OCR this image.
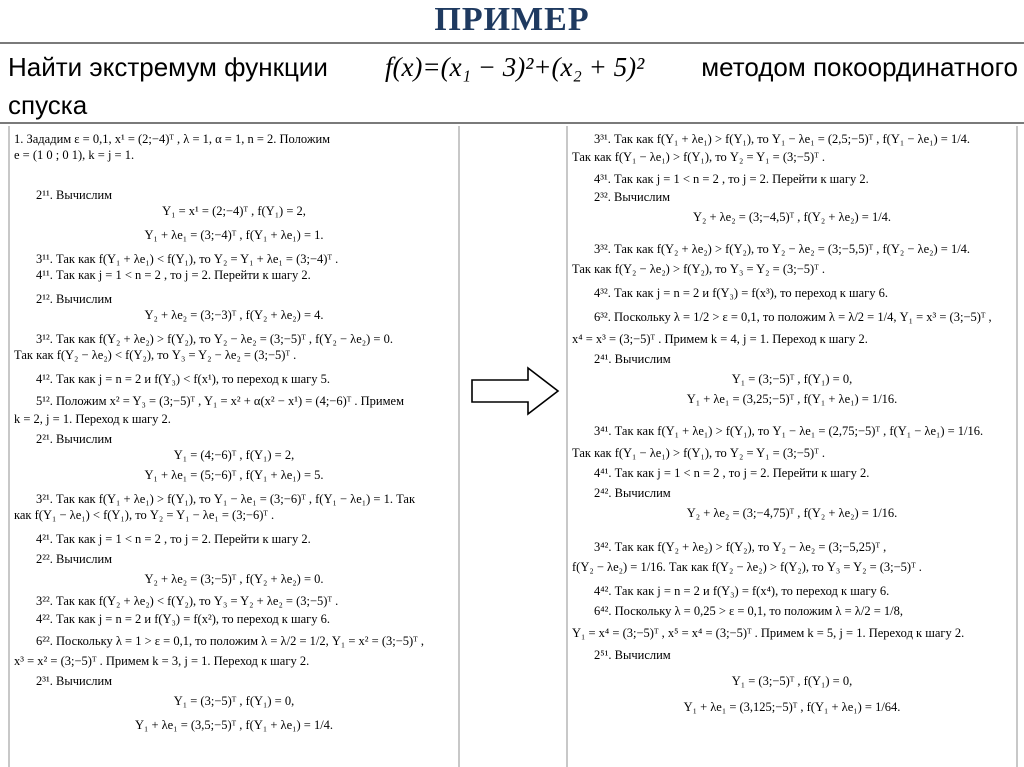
ПРИМЕР
Найти экстремум функции f(x)=(x₁ − 3)²+(x₂ + 5)² методом покоординатного
спуска
1. Зададим ε = 0,1, x¹ = (2;−4)ᵀ , λ = 1, α = 1, n = 2. Положим
e = (1 0 ; 0 1), k = j = 1.
2¹¹. Вычислим
Y₁ = x¹ = (2;−4)ᵀ , f(Y₁) = 2,
Y₁ + λe₁ = (3;−4)ᵀ , f(Y₁ + λe₁) = 1.
3¹¹. Так как f(Y₁ + λe₁) < f(Y₁), то Y₂ = Y₁ + λe₁ = (3;−4)ᵀ .
4¹¹. Так как j = 1 < n = 2 , то j = 2. Перейти к шагу 2.
2¹². Вычислим
Y₂ + λe₂ = (3;−3)ᵀ , f(Y₂ + λe₂) = 4.
3¹². Так как f(Y₂ + λe₂) > f(Y₂), то Y₂ − λe₂ = (3;−5)ᵀ , f(Y₂ − λe₂) = 0.
Так как f(Y₂ − λe₂) < f(Y₂), то Y₃ = Y₂ − λe₂ = (3;−5)ᵀ .
4¹². Так как j = n = 2 и f(Y₃) < f(x¹), то переход к шагу 5.
5¹². Положим x² = Y₃ = (3;−5)ᵀ , Y₁ = x² + α(x² − x¹) = (4;−6)ᵀ . Примем
k = 2, j = 1. Переход к шагу 2.
2²¹. Вычислим
Y₁ = (4;−6)ᵀ , f(Y₁) = 2,
Y₁ + λe₁ = (5;−6)ᵀ , f(Y₁ + λe₁) = 5.
3²¹. Так как f(Y₁ + λe₁) > f(Y₁), то Y₁ − λe₁ = (3;−6)ᵀ , f(Y₁ − λe₁) = 1. Так
как f(Y₁ − λe₁) < f(Y₁), то Y₂ = Y₁ − λe₁ = (3;−6)ᵀ .
4²¹. Так как j = 1 < n = 2 , то j = 2. Перейти к шагу 2.
2²². Вычислим
Y₂ + λe₂ = (3;−5)ᵀ , f(Y₂ + λe₂) = 0.
3²². Так как f(Y₂ + λe₂) < f(Y₂), то Y₃ = Y₂ + λe₂ = (3;−5)ᵀ .
4²². Так как j = n = 2 и f(Y₃) = f(x²), то переход к шагу 6.
6²². Поскольку λ = 1 > ε = 0,1, то положим λ = λ/2 = 1/2, Y₁ = x² = (3;−5)ᵀ ,
x³ = x² = (3;−5)ᵀ . Примем k = 3, j = 1. Переход к шагу 2.
2³¹. Вычислим
Y₁ = (3;−5)ᵀ , f(Y₁) = 0,
Y₁ + λe₁ = (3,5;−5)ᵀ , f(Y₁ + λe₁) = 1/4.
3³¹. Так как f(Y₁ + λe₁) > f(Y₁), то Y₁ − λe₁ = (2,5;−5)ᵀ , f(Y₁ − λe₁) = 1/4.
Так как f(Y₁ − λe₁) > f(Y₁), то Y₂ = Y₁ = (3;−5)ᵀ .
4³¹. Так как j = 1 < n = 2 , то j = 2. Перейти к шагу 2.
2³². Вычислим
Y₂ + λe₂ = (3;−4,5)ᵀ , f(Y₂ + λe₂) = 1/4.
3³². Так как f(Y₂ + λe₂) > f(Y₂), то Y₂ − λe₂ = (3;−5,5)ᵀ , f(Y₂ − λe₂) = 1/4.
Так как f(Y₂ − λe₂) > f(Y₂), то Y₃ = Y₂ = (3;−5)ᵀ .
4³². Так как j = n = 2 и f(Y₃) = f(x³), то переход к шагу 6.
6³². Поскольку λ = 1/2 > ε = 0,1, то положим λ = λ/2 = 1/4, Y₁ = x³ = (3;−5)ᵀ ,
x⁴ = x³ = (3;−5)ᵀ . Примем k = 4, j = 1. Переход к шагу 2.
2⁴¹. Вычислим
Y₁ = (3;−5)ᵀ , f(Y₁) = 0,
Y₁ + λe₁ = (3,25;−5)ᵀ , f(Y₁ + λe₁) = 1/16.
3⁴¹. Так как f(Y₁ + λe₁) > f(Y₁), то Y₁ − λe₁ = (2,75;−5)ᵀ , f(Y₁ − λe₁) = 1/16.
Так как f(Y₁ − λe₁) > f(Y₁), то Y₂ = Y₁ = (3;−5)ᵀ .
4⁴¹. Так как j = 1 < n = 2 , то j = 2. Перейти к шагу 2.
2⁴². Вычислим
Y₂ + λe₂ = (3;−4,75)ᵀ , f(Y₂ + λe₂) = 1/16.
3⁴². Так как f(Y₂ + λe₂) > f(Y₂), то Y₂ − λe₂ = (3;−5,25)ᵀ ,
f(Y₂ − λe₂) = 1/16. Так как f(Y₂ − λe₂) > f(Y₂), то Y₃ = Y₂ = (3;−5)ᵀ .
4⁴². Так как j = n = 2 и f(Y₃) = f(x⁴), то переход к шагу 6.
6⁴². Поскольку λ = 0,25 > ε = 0,1, то положим λ = λ/2 = 1/8,
Y₁ = x⁴ = (3;−5)ᵀ , x⁵ = x⁴ = (3;−5)ᵀ . Примем k = 5, j = 1. Переход к шагу 2.
2⁵¹. Вычислим
Y₁ = (3;−5)ᵀ , f(Y₁) = 0,
Y₁ + λe₁ = (3,125;−5)ᵀ , f(Y₁ + λe₁) = 1/64.
